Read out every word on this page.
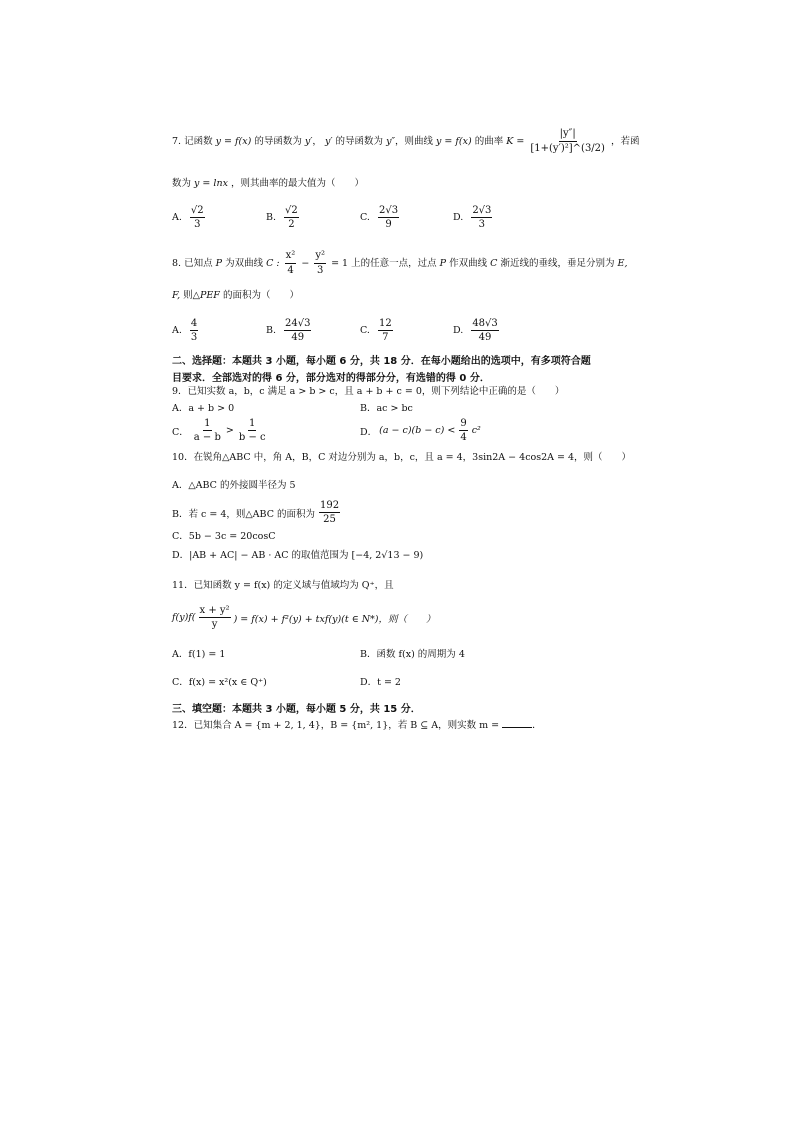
7. 记函数 y = f(x) 的导函数为 y′， y′ 的导函数为 y″，则曲线 y = f(x) 的曲率 $K = \frac{|y''|}{\text{[1+(y′)²]\textasciicircum{}(3/2)}}$ ，若函
数为 y = lnx ，则其曲率的最大值为（　　）
A. $\frac{√2}{3}$	B. $\frac{√2}{2}$	C. $\frac{2√3}{9}$	D. $\frac{2√3}{3}$
8. 已知点 P 为双曲线 C : $\frac{\text{x²}}{4} - \frac{\text{y²}}{3} = 1$ 上的任意一点，过点 P 作双曲线 C 渐近线的垂线，垂足分别为 E,
F, 则△PEF 的面积为（　　）
A. $\frac{4}{3}$	B. $\frac{24√3}{49}$	C. $\frac{12}{7}$	D. $\frac{48√3}{49}$
二、选择题：本题共 3 小题，每小题 6 分，共 18 分．在每小题给出的选项中，有多项符合题
目要求．全部选对的得 6 分，部分选对的得部分分，有选错的得 0 分．
9．已知实数 a，b，c 满足 a > b > c，且 a + b + c = 0，则下列结论中正确的是（　　）
A．a + b > 0	B．ac > bc
C． $\frac{1}{a - b} > \frac{1}{b - c}$	D． $(a - c)(b - c) < \frac{9}{4} c^2$
10．在锐角△ABC 中，角 A，B，C 对边分别为 a，b，c，且 a = 4，3sin2A − 4cos2A = 4，则（　　）
A．△ABC 的外接圆半径为 5
B．若 c = 4，则△ABC 的面积为 $\frac{192}{25}$
C．5b − 3c = 20cosC
D．|AB + AC| − AB · AC 的取值范围为 [−4, 2√13 − 9)
11．已知函数 y = f(x) 的定义域与值域均为 Q⁺，且
$f(y)f( \frac{\text{x + y²}}{y}$ ) = f(x) + f²(y) + txf(y)(t ∈ N*)，则（　　）
A．f(1) = 1	B．函数 f(x) 的周期为 4
C．f(x) = x²(x ∈ Q⁺)	D．t = 2
三、填空题：本题共 3 小题，每小题 5 分，共 15 分．
12．已知集合 A = {m + 2, 1, 4}，B = {m², 1}，若 B ⊆ A，则实数 m =	．
